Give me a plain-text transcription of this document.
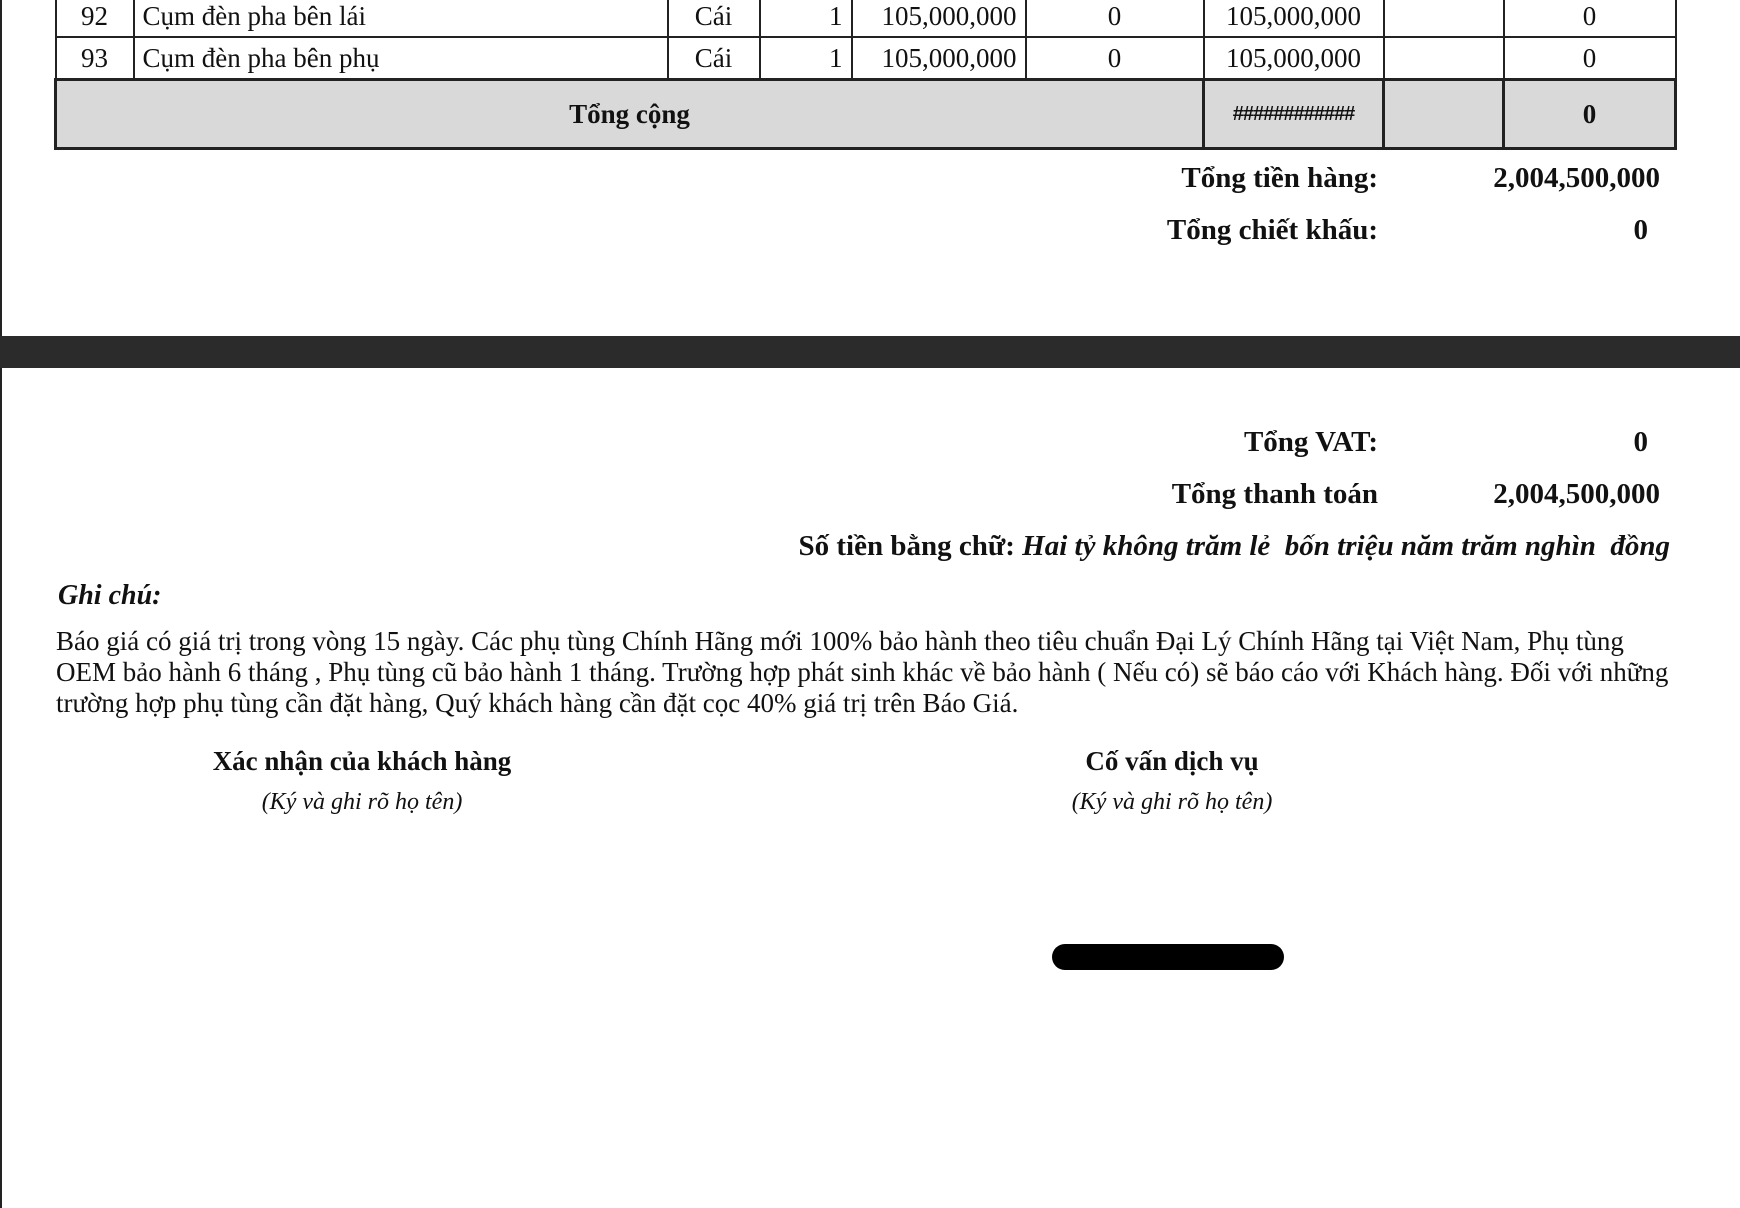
92	Cụm đèn pha bên lái	Cái	1	105,000,000	0	105,000,000		0
93	Cụm đèn pha bên phụ	Cái	1	105,000,000	0	105,000,000		0
Tổng cộng						############		0
Tổng tiền hàng:	2,004,500,000
Tổng chiết khấu:	0
Tổng VAT:	0
Tổng thanh toán	2,004,500,000
Số tiền bằng chữ: Hai tỷ không trăm lẻ  bốn triệu năm trăm nghìn  đồng
Ghi chú:
Báo giá có giá trị trong vòng 15 ngày. Các phụ tùng Chính Hãng mới 100% bảo hành theo tiêu chuẩn Đại Lý Chính Hãng tại Việt Nam, Phụ tùng OEM bảo hành 6 tháng , Phụ tùng cũ bảo hành 1 tháng. Trường hợp phát sinh khác về bảo hành ( Nếu có) sẽ báo cáo với Khách hàng. Đối với những trường hợp phụ tùng cần đặt hàng, Quý khách hàng cần đặt cọc 40% giá trị trên Báo Giá.
Xác nhận của khách hàng
(Ký và ghi rõ họ tên)
Cố vấn dịch vụ
(Ký và ghi rõ họ tên)
